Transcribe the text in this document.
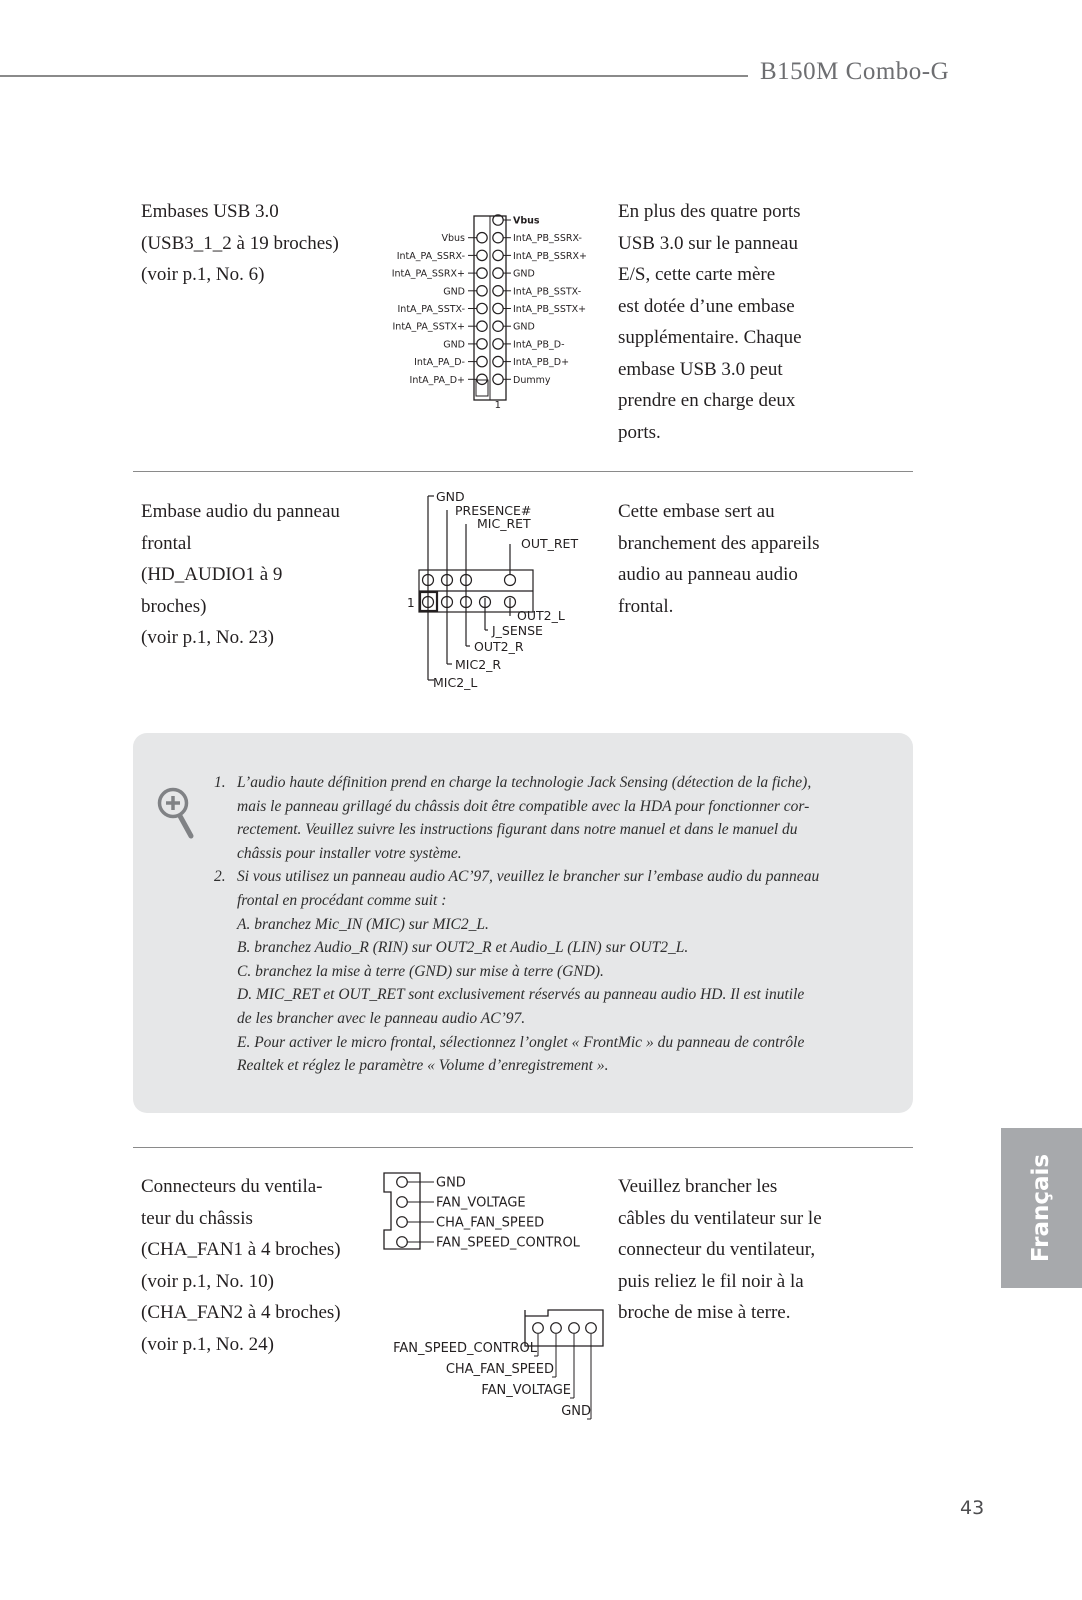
B150M Combo-G
Embases USB 3.0
(USB3_1_2 à 19 broches)
(voir p.1, No. 6)
Vbus
IntA_PA_SSRX-
IntA_PA_SSRX+
GND
IntA_PA_SSTX-
IntA_PA_SSTX+
GND
IntA_PA_D-
IntA_PA_D+
Vbus
IntA_PB_SSRX-
IntA_PB_SSRX+
GND
IntA_PB_SSTX-
IntA_PB_SSTX+
GND
IntA_PB_D-
IntA_PB_D+
Dummy
1
En plus des quatre ports
USB 3.0 sur le panneau
E/S, cette carte mère
est dotée d’une embase
supplémentaire. Chaque
embase USB 3.0 peut
prendre en charge deux
ports.
Embase audio du panneau
frontal
(HD_AUDIO1 à 9
broches)
(voir p.1, No. 23)
1
GND
PRESENCE#
MIC_RET
OUT_RET
OUT2_L
J_SENSE
OUT2_R
MIC2_R
MIC2_L
Cette embase sert au
branchement des appareils
audio au panneau audio
frontal.
1. L’audio haute définition prend en charge la technologie Jack Sensing (détection de la fiche),
mais le panneau grillagé du châssis doit être compatible avec la HDA pour fonctionner cor-
rectement. Veuillez suivre les instructions figurant dans notre manuel et dans le manuel du
châssis pour installer votre système.
2. Si vous utilisez un panneau audio AC’97, veuillez le brancher sur l’embase audio du panneau
frontal en procédant comme suit :
A. branchez Mic_IN (MIC) sur MIC2_L.
B. branchez Audio_R (RIN) sur OUT2_R et Audio_L (LIN) sur OUT2_L.
C. branchez la mise à terre (GND) sur mise à terre (GND).
D. MIC_RET et OUT_RET sont exclusivement réservés au panneau audio HD. Il est inutile
de les brancher avec le panneau audio AC’97.
E. Pour activer le micro frontal, sélectionnez l’onglet « FrontMic » du panneau de contrôle
Realtek et réglez le paramètre « Volume d’enregistrement ».
Connecteurs du ventila-
teur du châssis
(CHA_FAN1 à 4 broches)
(voir p.1, No. 10)
(CHA_FAN2 à 4 broches)
(voir p.1, No. 24)
GND
FAN_VOLTAGE
CHA_FAN_SPEED
FAN_SPEED_CONTROL
FAN_SPEED_CONTROL
CHA_FAN_SPEED
FAN_VOLTAGE
GND
Veuillez brancher les
câbles du ventilateur sur le
connecteur du ventilateur,
puis reliez le fil noir à la
broche de mise à terre.
Français
43
